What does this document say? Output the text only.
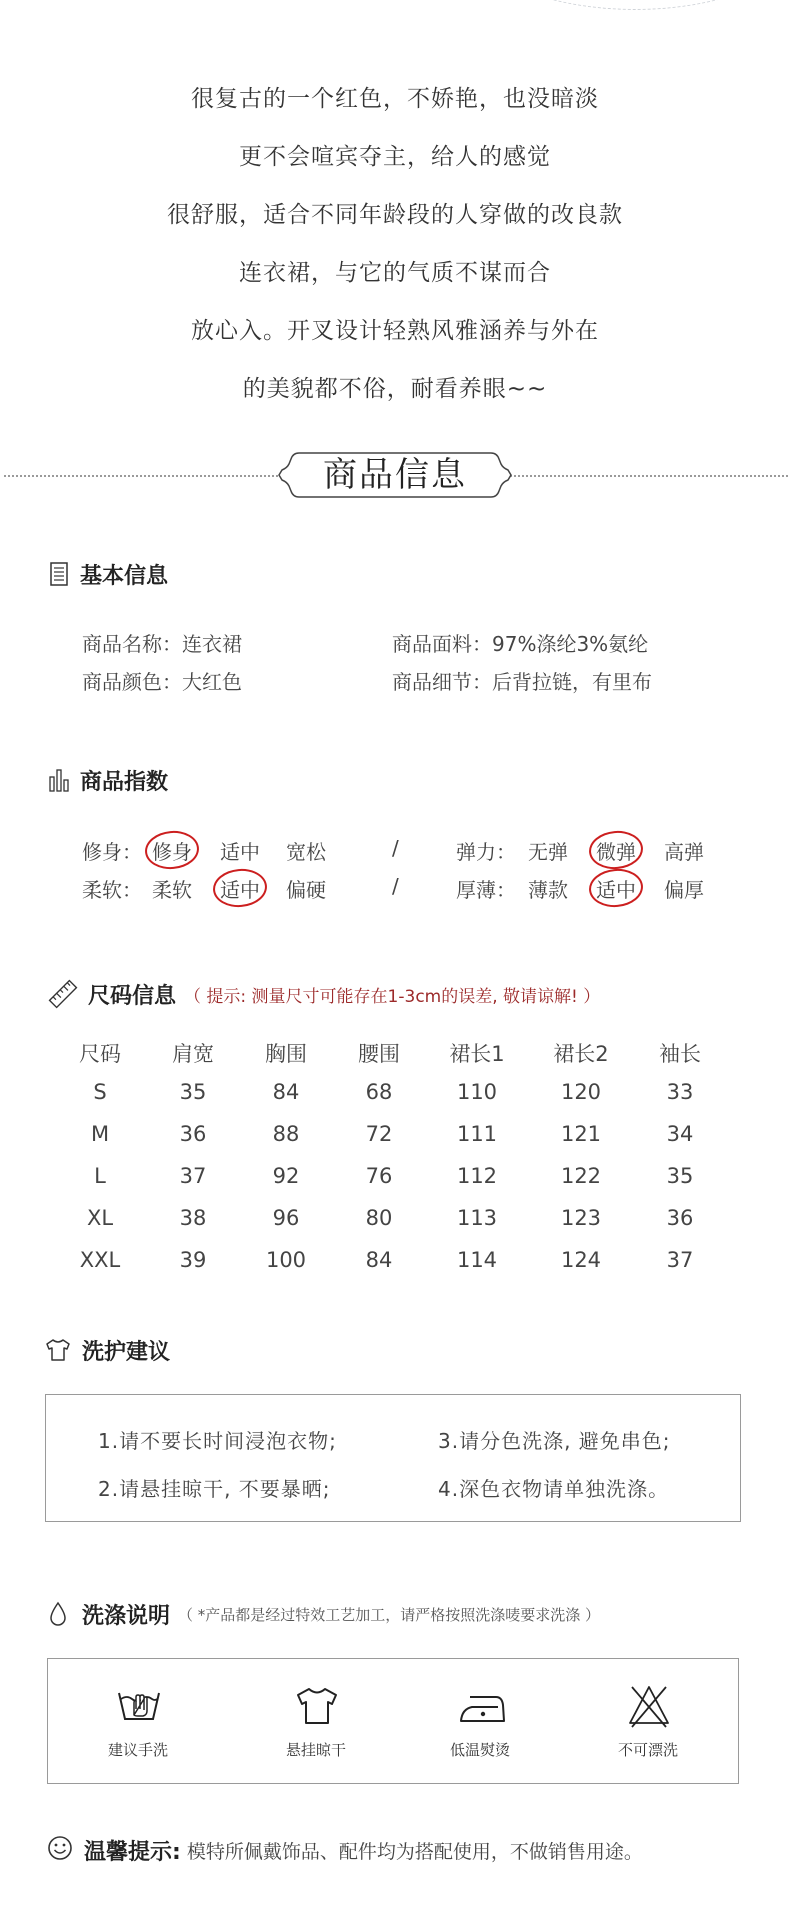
很复古的一个红色，不娇艳，也没暗淡
更不会喧宾夺主，给人的感觉
很舒服，适合不同年龄段的人穿做的改良款
连衣裙，与它的气质不谋而合
放心入。开叉设计轻熟风雅涵养与外在
的美貌都不俗，耐看养眼~~
商品信息
基本信息
商品名称：连衣裙	商品面料：97%涤纶3%氨纶
商品颜色：大红色	商品细节：后背拉链，有里布
商品指数
修身： 修身 适中 宽松	/	弹力： 无弹 微弹 高弹
柔软： 柔软 适中 偏硬	/	厚薄： 薄款 适中 偏厚
尺码信息 （ 提示: 测量尺寸可能存在1-3cm的误差, 敬请谅解! ）
尺码	肩宽	胸围	腰围	裙长1	裙长2	袖长
S	35	84	68	110	120	33
M	36	88	72	111	121	34
L	37	92	76	112	122	35
XL	38	96	80	113	123	36
XXL	39	100	84	114	124	37
洗护建议
1.请不要长时间浸泡衣物;
2.请悬挂晾干, 不要暴晒;
3.请分色洗涤, 避免串色;
4.深色衣物请单独洗涤。
洗涤说明 （ *产品都是经过特效工艺加工，请严格按照洗涤唛要求洗涤 ）
建议手洗	悬挂晾干	低温熨烫	不可漂洗
温馨提示: 模特所佩戴饰品、配件均为搭配使用，不做销售用途。
